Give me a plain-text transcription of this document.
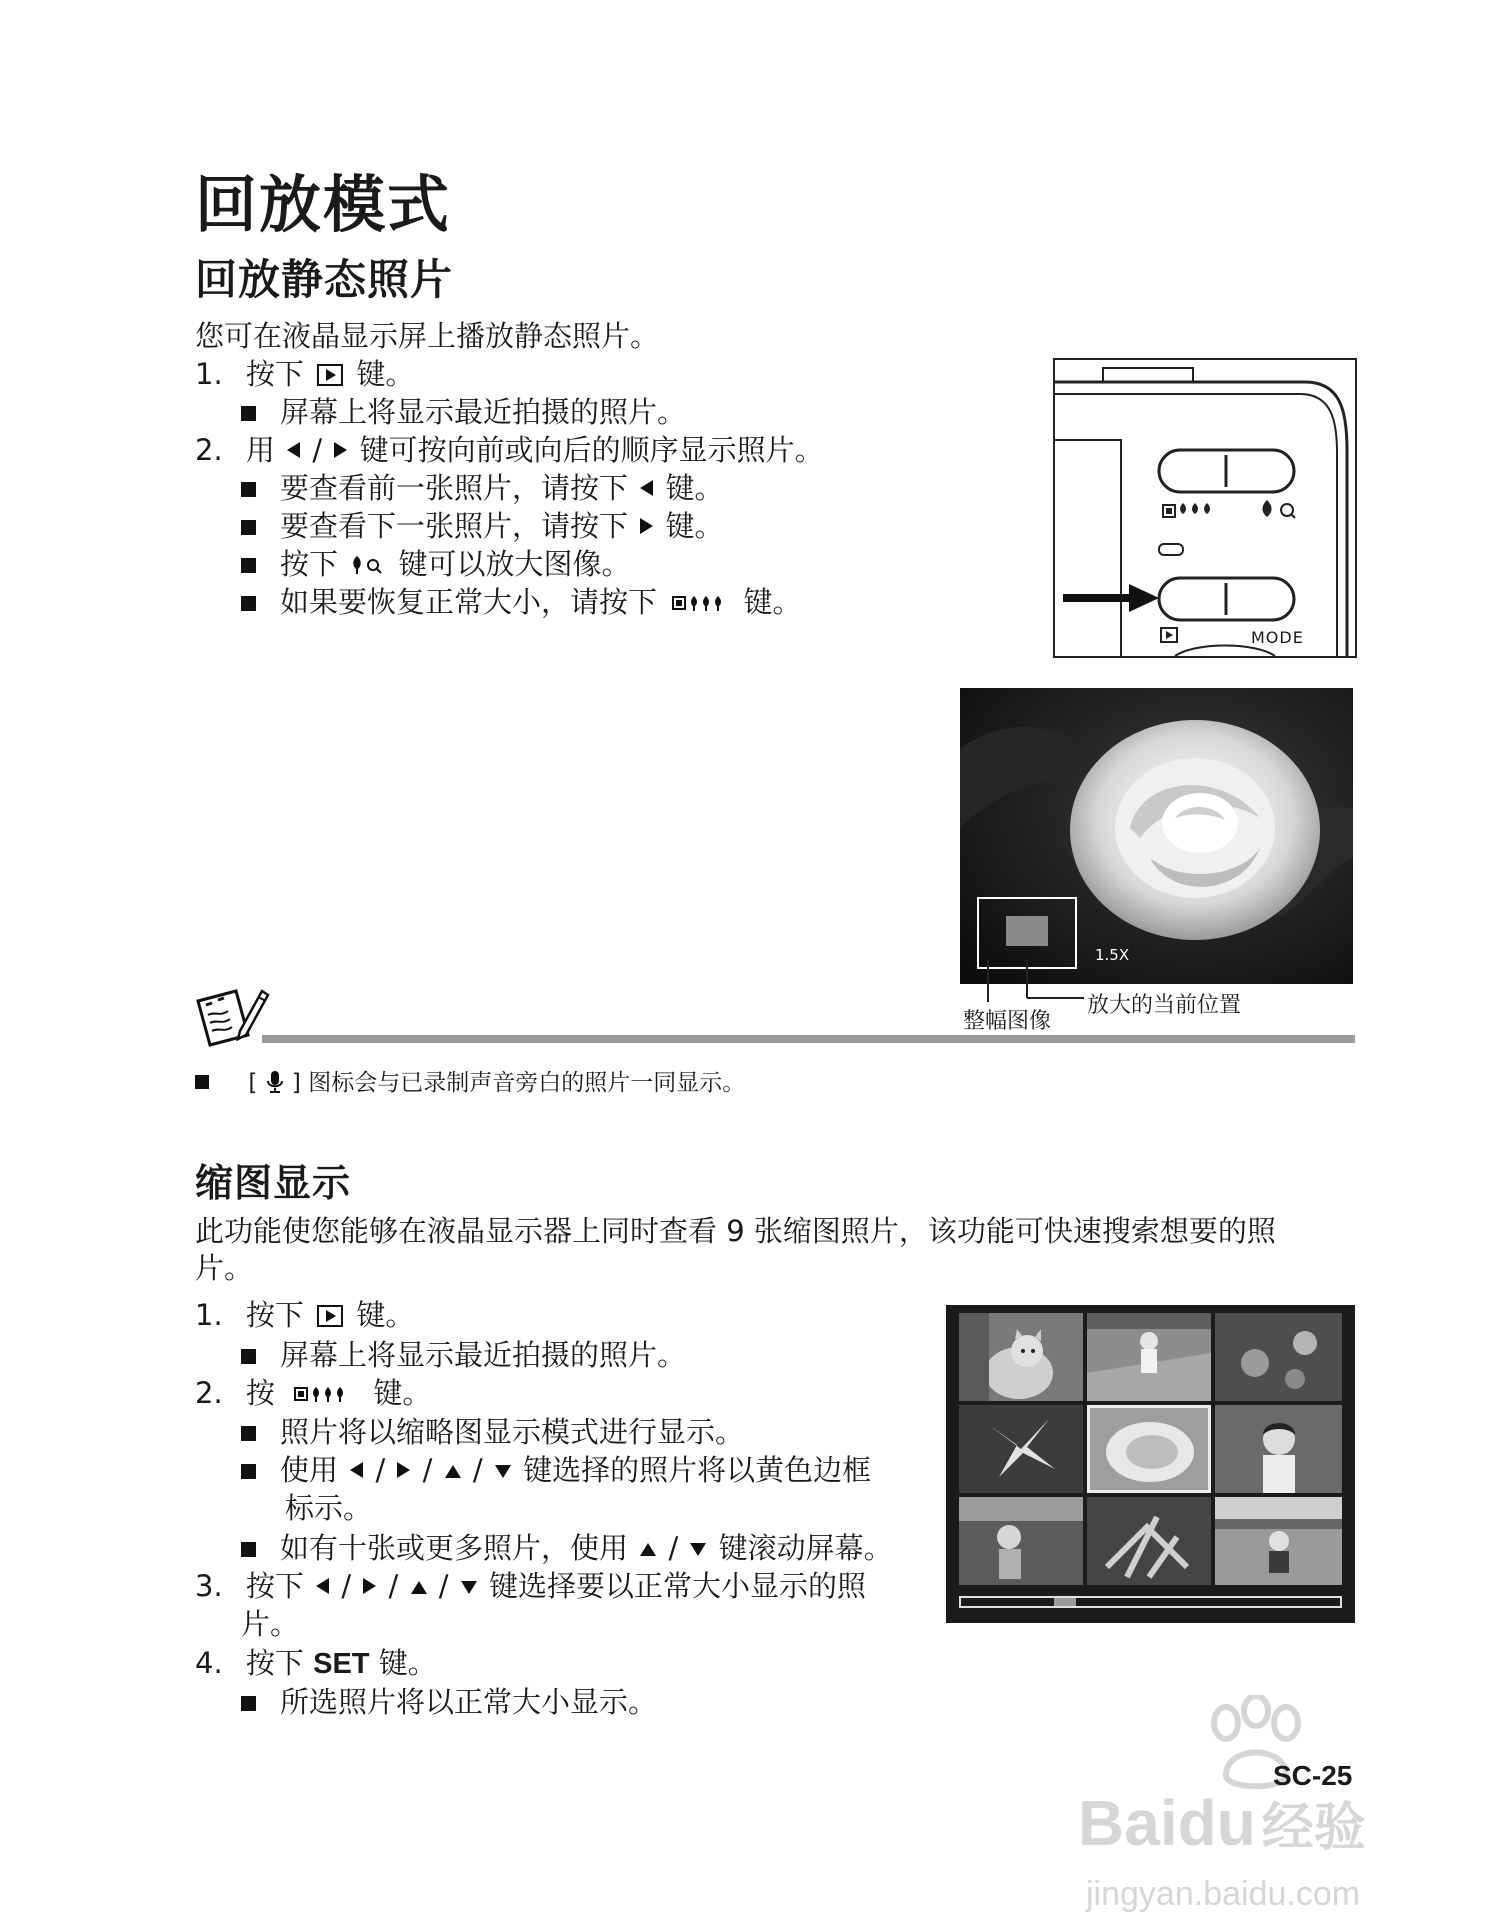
回放模式
回放静态照片
您可在液晶显示屏上播放静态照片。
1. 按下 键。
屏幕上将显示最近拍摄的照片。
2. 用 / 键可按向前或向后的顺序显示照片。
要查看前一张照片，请按下 键。
要查看下一张照片，请按下 键。
按下 键可以放大图像。
如果要恢复正常大小，请按下	键。
MODE
1.5X
整幅图像
放大的当前位置
[ ] 图标会与已录制声音旁白的照片一同显示。
缩图显示
此功能使您能够在液晶显示器上同时查看 9 张缩图照片，该功能可快速搜索想要的照
片。
1. 按下 键。
屏幕上将显示最近拍摄的照片。
2. 按	键。
照片将以缩略图显示模式进行显示。
使用  /  /  /  键选择的照片将以黄色边框
标示。
如有十张或更多照片，使用  /  键滚动屏幕。
3. 按下  /  /  /  键选择要以正常大小显示的照
片。
4. 按下 SET 键。
所选照片将以正常大小显示。
Baidu 经验
jingyan.baidu.com
SC-25
